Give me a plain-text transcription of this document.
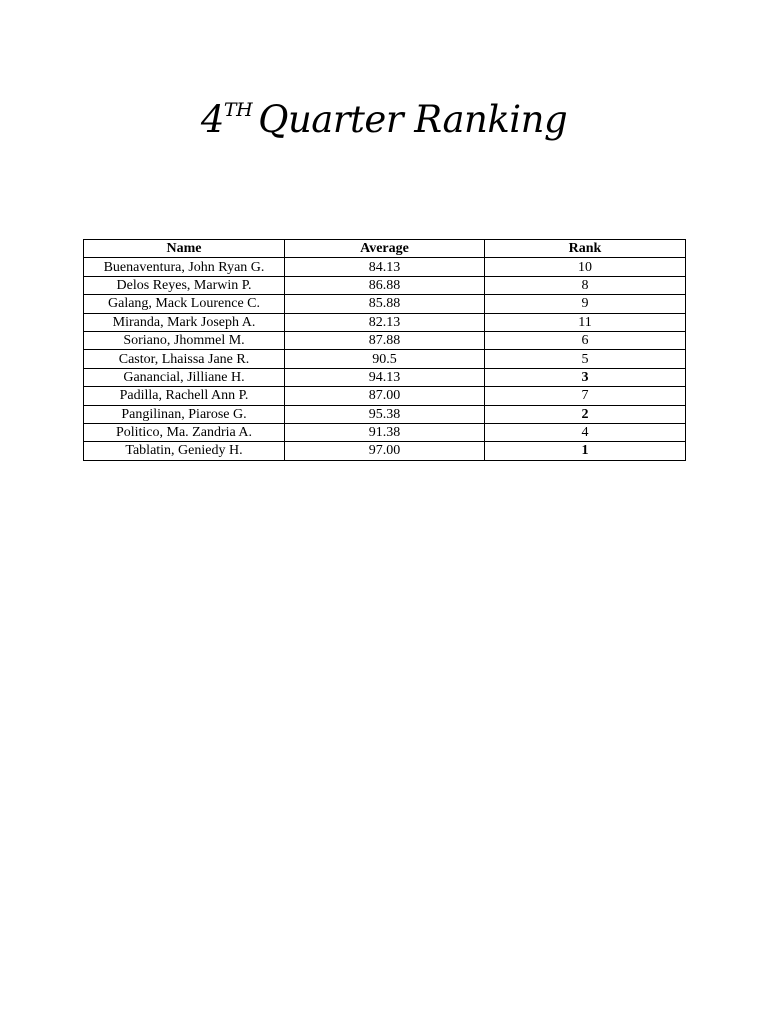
4TH Quarter Ranking
Name	Average	Rank
Buenaventura, John Ryan G.	84.13	10
Delos Reyes, Marwin P.	86.88	8
Galang, Mack Lourence C.	85.88	9
Miranda, Mark Joseph A.	82.13	11
Soriano, Jhommel M.	87.88	6
Castor, Lhaissa Jane R.	90.5	5
Ganancial, Jilliane H.	94.13	3
Padilla, Rachell Ann P.	87.00	7
Pangilinan, Piarose G.	95.38	2
Politico, Ma. Zandria A.	91.38	4
Tablatin, Geniedy H.	97.00	1
